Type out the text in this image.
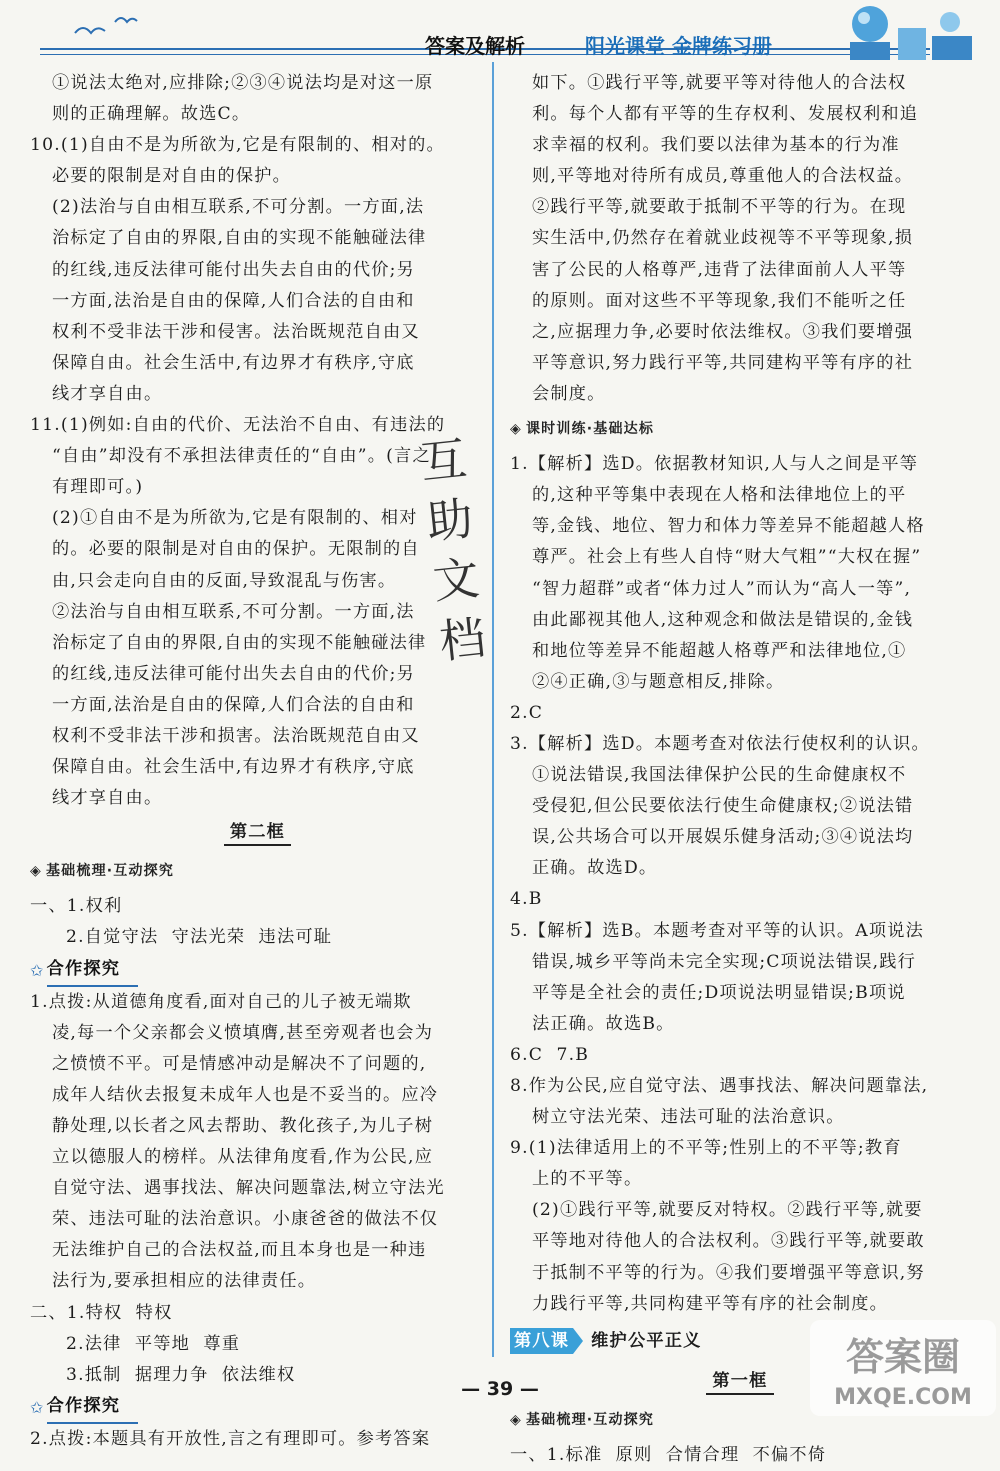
答案及解析	阳光课堂 金牌练习册
①说法太绝对,应排除;②③④说法均是对这一原
则的正确理解。故选C。
10.(1)自由不是为所欲为,它是有限制的、相对的。
必要的限制是对自由的保护。
(2)法治与自由相互联系,不可分割。一方面,法
治标定了自由的界限,自由的实现不能触碰法律
的红线,违反法律可能付出失去自由的代价;另
一方面,法治是自由的保障,人们合法的自由和
权利不受非法干涉和侵害。法治既规范自由又
保障自由。社会生活中,有边界才有秩序,守底
线才享自由。
11.(1)例如:自由的代价、无法治不自由、有违法的
“自由”却没有不承担法律责任的“自由”。(言之
有理即可。)
(2)①自由不是为所欲为,它是有限制的、相对
的。必要的限制是对自由的保护。无限制的自
由,只会走向自由的反面,导致混乱与伤害。
②法治与自由相互联系,不可分割。一方面,法
治标定了自由的界限,自由的实现不能触碰法律
的红线,违反法律可能付出失去自由的代价;另
一方面,法治是自由的保障,人们合法的自由和
权利不受非法干涉和损害。法治既规范自由又
保障自由。社会生活中,有边界才有秩序,守底
线才享自由。
第二框
◈ 基础梳理·互动探究
一、1.权利
2.自觉守法  守法光荣  违法可耻
✩ 合作探究
1.点拨:从道德角度看,面对自己的儿子被无端欺
凌,每一个父亲都会义愤填膺,甚至旁观者也会为
之愤愤不平。可是情感冲动是解决不了问题的,
成年人结伙去报复未成年人也是不妥当的。应冷
静处理,以长者之风去帮助、教化孩子,为儿子树
立以德服人的榜样。从法律角度看,作为公民,应
自觉守法、遇事找法、解决问题靠法,树立守法光
荣、违法可耻的法治意识。小康爸爸的做法不仅
无法维护自己的合法权益,而且本身也是一种违
法行为,要承担相应的法律责任。
二、1.特权  特权
2.法律  平等地  尊重
3.抵制  据理力争  依法维权
✩ 合作探究
2.点拨:本题具有开放性,言之有理即可。参考答案
如下。①践行平等,就要平等对待他人的合法权
利。每个人都有平等的生存权利、发展权利和追
求幸福的权利。我们要以法律为基本的行为准
则,平等地对待所有成员,尊重他人的合法权益。
②践行平等,就要敢于抵制不平等的行为。在现
实生活中,仍然存在着就业歧视等不平等现象,损
害了公民的人格尊严,违背了法律面前人人平等
的原则。面对这些不平等现象,我们不能听之任
之,应据理力争,必要时依法维权。③我们要增强
平等意识,努力践行平等,共同建构平等有序的社
会制度。
◈ 课时训练·基础达标
1.【解析】选D。依据教材知识,人与人之间是平等
的,这种平等集中表现在人格和法律地位上的平
等,金钱、地位、智力和体力等差异不能超越人格
尊严。社会上有些人自恃“财大气粗”“大权在握”
“智力超群”或者“体力过人”而认为“高人一等”,
由此鄙视其他人,这种观念和做法是错误的,金钱
和地位等差异不能超越人格尊严和法律地位,①
②④正确,③与题意相反,排除。
2.C
3.【解析】选D。本题考查对依法行使权利的认识。
①说法错误,我国法律保护公民的生命健康权不
受侵犯,但公民要依法行使生命健康权;②说法错
误,公共场合可以开展娱乐健身活动;③④说法均
正确。故选D。
4.B
5.【解析】选B。本题考查对平等的认识。A项说法
错误,城乡平等尚未完全实现;C项说法错误,践行
平等是全社会的责任;D项说法明显错误;B项说
法正确。故选B。
6.C  7.B
8.作为公民,应自觉守法、遇事找法、解决问题靠法,
树立守法光荣、违法可耻的法治意识。
9.(1)法律适用上的不平等;性别上的不平等;教育
上的不平等。
(2)①践行平等,就要反对特权。②践行平等,就要
平等地对待他人的合法权利。③践行平等,就要敢
于抵制不平等的行为。④我们要增强平等意识,努
力践行平等,共同构建平等有序的社会制度。
第八课 维护公平正义
第一框
◈ 基础梳理·互动探究
一、1.标准  原则  合情合理  不偏不倚
互
助
文
档
答案圈
MXQE.COM
— 39 —
